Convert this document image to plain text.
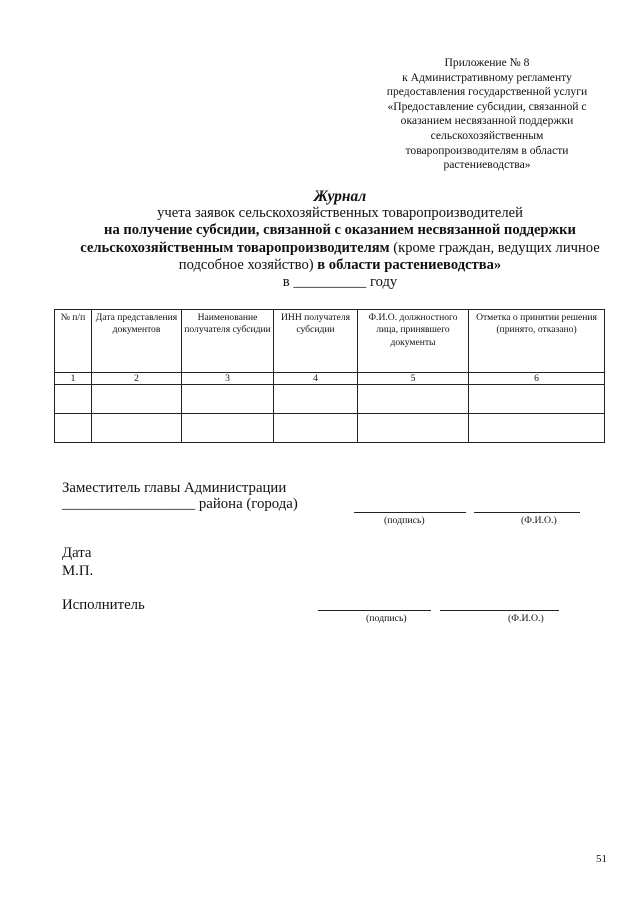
Приложение № 8
к Административному регламенту
предоставления государственной услуги
«Предоставление субсидии, связанной с
оказанием несвязанной поддержки
сельскохозяйственным
товаропроизводителям в области
растениеводства»
Журнал
учета заявок сельскохозяйственных товаропроизводителей
на получение субсидии, связанной с оказанием несвязанной поддержки
сельскохозяйственным товаропроизводителям (кроме граждан, ведущих личное
подсобное хозяйство) в области растениеводства»
в __________ году
№ п/п	Дата представления документов	Наименование получателя субсидии	ИНН получателя субсидии	Ф.И.О. должностного лица, принявшего документы	Отметка о принятии решения (принято, отказано)
1	2	3	4	5	6

Заместитель главы Администрации
__________________ района (города)
(подпись)	(Ф.И.О.)
Дата
М.П.
Исполнитель
(подпись)	(Ф.И.О.)
51
